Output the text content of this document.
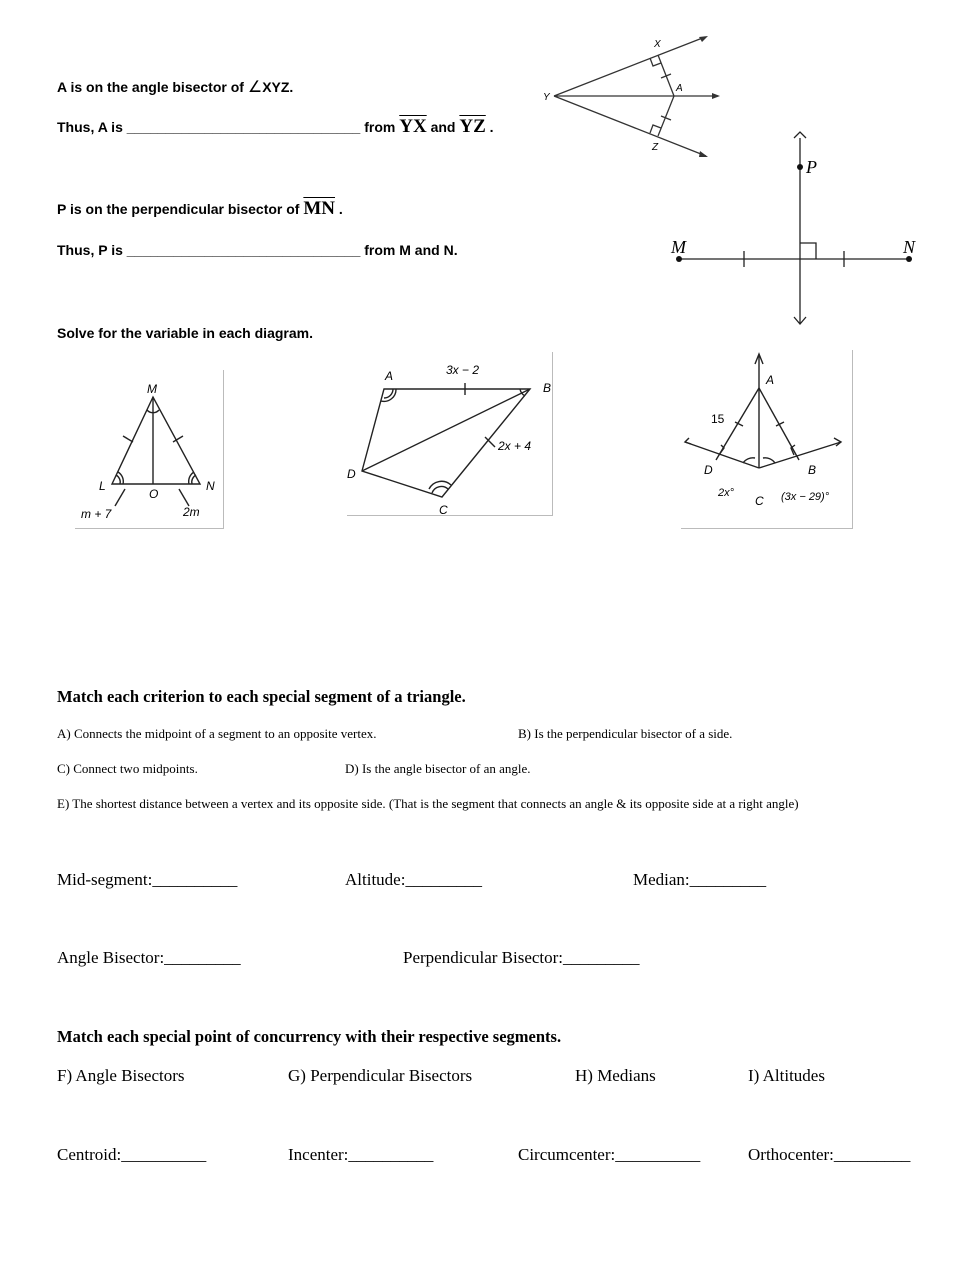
A is on the angle bisector of ∠XYZ.
Thus, A is ______________________________ from $\overline{YX}$ and $\overline{YZ}$ .
X
Y
A
Z
P is on the perpendicular bisector of $\overline{MN}$ .
Thus, P is ______________________________ from M and N.
P
M	N
Solve for the variable in each diagram.
M
L
O
N
m + 7	2m
A
B
C
D
3x − 2
2x + 4
15
A
B
C
D
2x°	(3x − 29)°
Match each criterion to each special segment of a triangle.
A) Connects the midpoint of a segment to an opposite vertex.	B) Is the perpendicular bisector of a side.
C) Connect two midpoints.	D) Is the angle bisector of an angle.
E) The shortest distance between a vertex and its opposite side. (That is the segment that connects an angle & its opposite side at a right angle)
Mid-segment:__________	Altitude:_________	Median:_________
Angle Bisector:_________	Perpendicular Bisector:_________
Match each special point of concurrency with their respective segments.
F) Angle Bisectors	G) Perpendicular Bisectors	H) Medians	I) Altitudes
Centroid:__________	Incenter:__________	Circumcenter:__________	Orthocenter:_________
